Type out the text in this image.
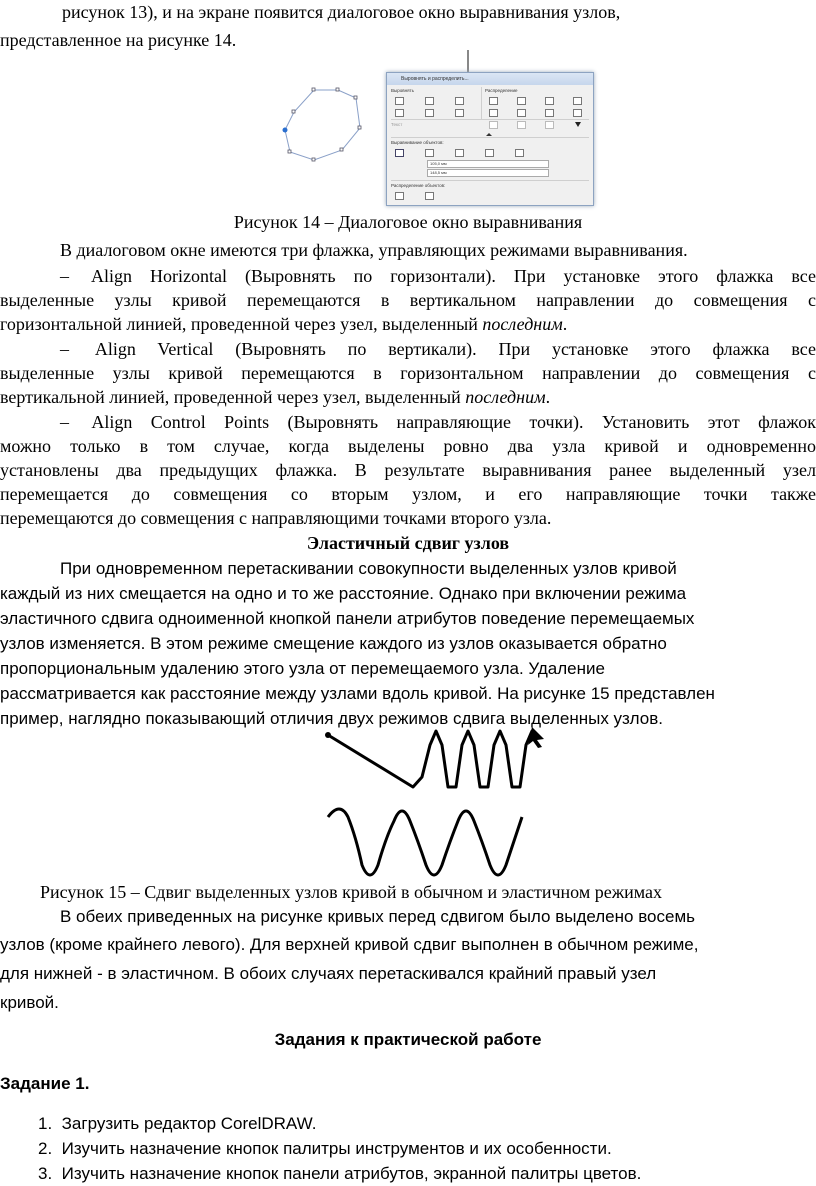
рисунок 13), и на экране появится диалоговое окно выравнивания узлов,
представленное на рисунке 14.
Выровнять и распределить...
Выровнять	Распределение
Текст
Выравнивание объектов:
105,0 мм
148,5 мм
Распределение объектов:
Рисунок 14 – Диалоговое окно выравнивания
В диалоговом окне имеются три флажка, управляющих режимами выравнивания.
– Align Horizontal (Выровнять по горизонтали). При установке этого флажка все
выделенные узлы кривой перемещаются в вертикальном направлении до совмещения с
горизонтальной линией, проведенной через узел, выделенный последним.
– Align Vertical (Выровнять по вертикали). При установке этого флажка все
выделенные узлы кривой перемещаются в горизонтальном направлении до совмещения с
вертикальной линией, проведенной через узел, выделенный последним.
– Align Control Points (Выровнять направляющие точки). Установить этот флажок
можно только в том случае, когда выделены ровно два узла кривой и одновременно
установлены два предыдущих флажка. В результате выравнивания ранее выделенный узел
перемещается до совмещения со вторым узлом, и его направляющие точки также
перемещаются до совмещения с направляющими точками второго узла.
Эластичный сдвиг узлов
При одновременном перетаскивании совокупности выделенных узлов кривой
каждый из них смещается на одно и то же расстояние. Однако при включении режима
эластичного сдвига одноименной кнопкой панели атрибутов поведение перемещаемых
узлов изменяется. В этом режиме смещение каждого из узлов оказывается обратно
пропорциональным удалению этого узла от перемещаемого узла. Удаление
рассматривается как расстояние между узлами вдоль кривой. На рисунке 15 представлен
пример, наглядно показывающий отличия двух режимов сдвига выделенных узлов.
Рисунок 15 – Сдвиг выделенных узлов кривой в обычном и эластичном режимах
В обеих приведенных на рисунке кривых перед сдвигом было выделено восемь
узлов (кроме крайнего левого). Для верхней кривой сдвиг выполнен в обычном режиме,
для нижней - в эластичном. В обоих случаях перетаскивался крайний правый узел
кривой.
Задания к практической работе
Задание 1.
1. Загрузить редактор CorelDRAW.
2. Изучить назначение кнопок палитры инструментов и их особенности.
3. Изучить назначение кнопок панели атрибутов, экранной палитры цветов.
